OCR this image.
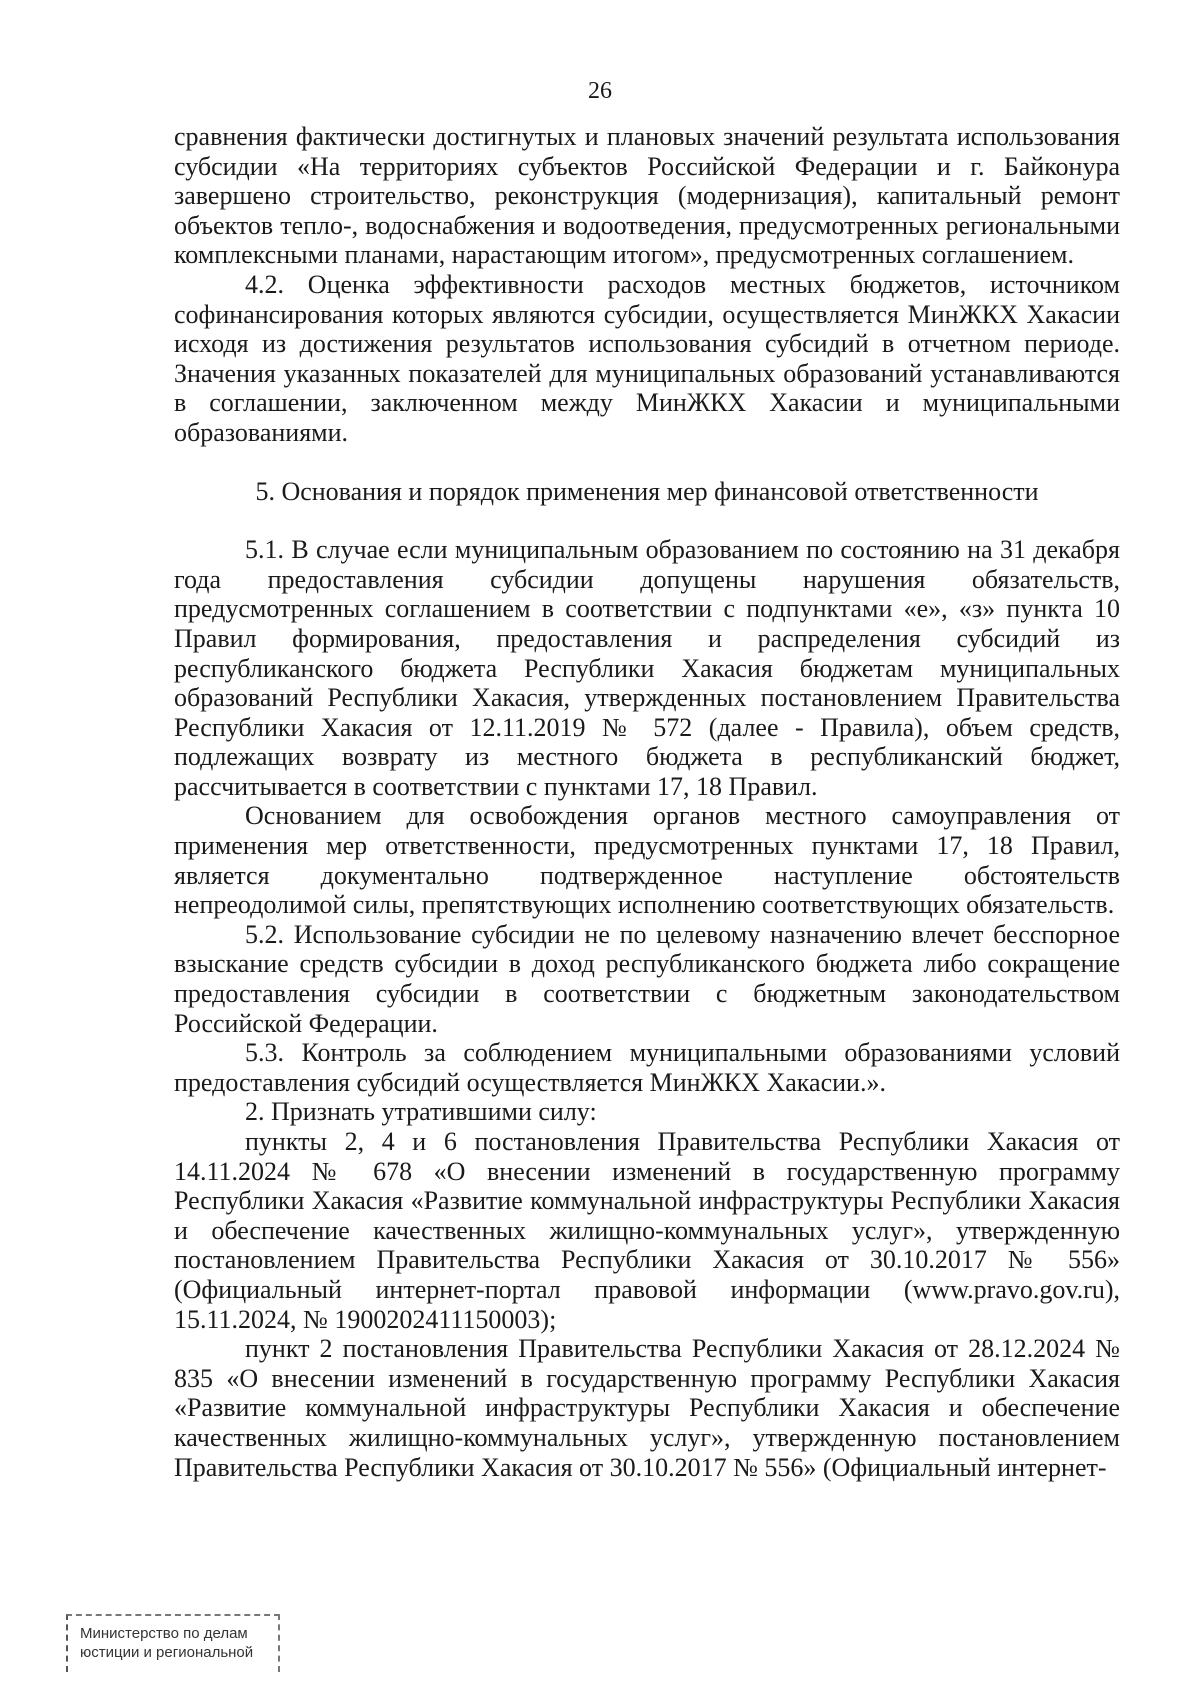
26

сравнения фактически достигнутых и плановых значений результата использования субсидии «На территориях субъектов Российской Федерации и г. Байконура завершено строительство, реконструкция (модернизация), капитальный ремонт объектов тепло-, водоснабжения и водоотведения, предусмотренных региональными комплексными планами, нарастающим итогом», предусмотренных соглашением.

4.2. Оценка эффективности расходов местных бюджетов, источником софинансирования которых являются субсидии, осуществляется МинЖКХ Хакасии исходя из достижения результатов использования субсидий в отчетном периоде. Значения указанных показателей для муниципальных образований устанавливаются в соглашении, заключенном между МинЖКХ Хакасии и муниципальными образованиями.

5. Основания и порядок применения мер финансовой ответственности

5.1. В случае если муниципальным образованием по состоянию на 31 декабря года предоставления субсидии допущены нарушения обязательств, предусмотренных соглашением в соответствии с подпунктами «е», «з» пункта 10 Правил формирования, предоставления и распределения субсидий из республиканского бюджета Республики Хакасия бюджетам муниципальных образований Республики Хакасия, утвержденных постановлением Правительства Республики Хакасия от 12.11.2019 № 572 (далее - Правила), объем средств, подлежащих возврату из местного бюджета в республиканский бюджет, рассчитывается в соответствии с пунктами 17, 18 Правил.

Основанием для освобождения органов местного самоуправления от применения мер ответственности, предусмотренных пунктами 17, 18 Правил, является документально подтвержденное наступление обстоятельств непреодолимой силы, препятствующих исполнению соответствующих обязательств.

5.2. Использование субсидии не по целевому назначению влечет бесспорное взыскание средств субсидии в доход республиканского бюджета либо сокращение предоставления субсидии в соответствии с бюджетным законодательством Российской Федерации.

5.3. Контроль за соблюдением муниципальными образованиями условий предоставления субсидий осуществляется МинЖКХ Хакасии.».

2. Признать утратившими силу:

пункты 2, 4 и 6 постановления Правительства Республики Хакасия от 14.11.2024 № 678 «О внесении изменений в государственную программу Республики Хакасия «Развитие коммунальной инфраструктуры Республики Хакасия и обеспечение качественных жилищно-коммунальных услуг», утвержденную постановлением Правительства Республики Хакасия от 30.10.2017 № 556» (Официальный интернет-портал правовой информации (www.pravo.gov.ru), 15.11.2024, № 1900202411150003);

пункт 2 постановления Правительства Республики Хакасия от 28.12.2024 № 835 «О внесении изменений в государственную программу Республики Хакасия «Развитие коммунальной инфраструктуры Республики Хакасия и обеспечение качественных жилищно-коммунальных услуг», утвержденную постановлением Правительства Республики Хакасия от 30.10.2017 № 556» (Официальный интернет-

Министерство по делам
юстиции и региональной
